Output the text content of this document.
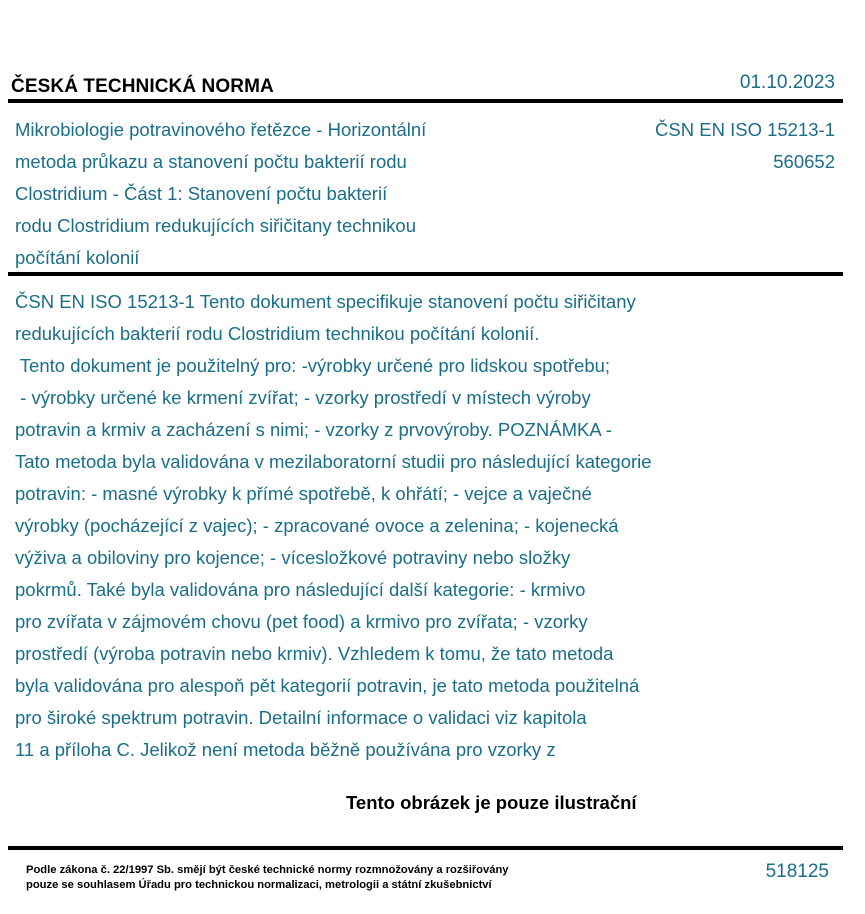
ČESKÁ TECHNICKÁ NORMA	01.10.2023
Mikrobiologie potravinového řetězce - Horizontální
metoda průkazu a stanovení počtu bakterií rodu
Clostridium - Část 1: Stanovení počtu bakterií
rodu Clostridium redukujících siřičitany technikou
počítání kolonií
ČSN EN ISO 15213-1
560652
ČSN EN ISO 15213-1 Tento dokument specifikuje stanovení počtu siřičitany
redukujících bakterií rodu Clostridium technikou počítání kolonií.
Tento dokument je použitelný pro: -výrobky určené pro lidskou spotřebu;
- výrobky určené ke krmení zvířat; - vzorky prostředí v místech výroby
potravin a krmiv a zacházení s nimi; - vzorky z prvovýroby. POZNÁMKA -
Tato metoda byla validována v mezilaboratorní studii pro následující kategorie
potravin: - masné výrobky k přímé spotřebě, k ohřátí; - vejce a vaječné
výrobky (pocházející z vajec); - zpracované ovoce a zelenina; - kojenecká
výživa a obiloviny pro kojence; - vícesložkové potraviny nebo složky
pokrmů. Také byla validována pro následující další kategorie: - krmivo
pro zvířata v zájmovém chovu (pet food) a krmivo pro zvířata; - vzorky
prostředí (výroba potravin nebo krmiv). Vzhledem k tomu, že tato metoda
byla validována pro alespoň pět kategorií potravin, je tato metoda použitelná
pro široké spektrum potravin. Detailní informace o validaci viz kapitola
11 a příloha C. Jelikož není metoda běžně používána pro vzorky z
Tento obrázek je pouze ilustrační
Podle zákona č. 22/1997 Sb. smějí být české technické normy rozmnožovány a rozšiřovány
pouze se souhlasem Úřadu pro technickou normalizaci, metrologii a státní zkušebnictví
518125
